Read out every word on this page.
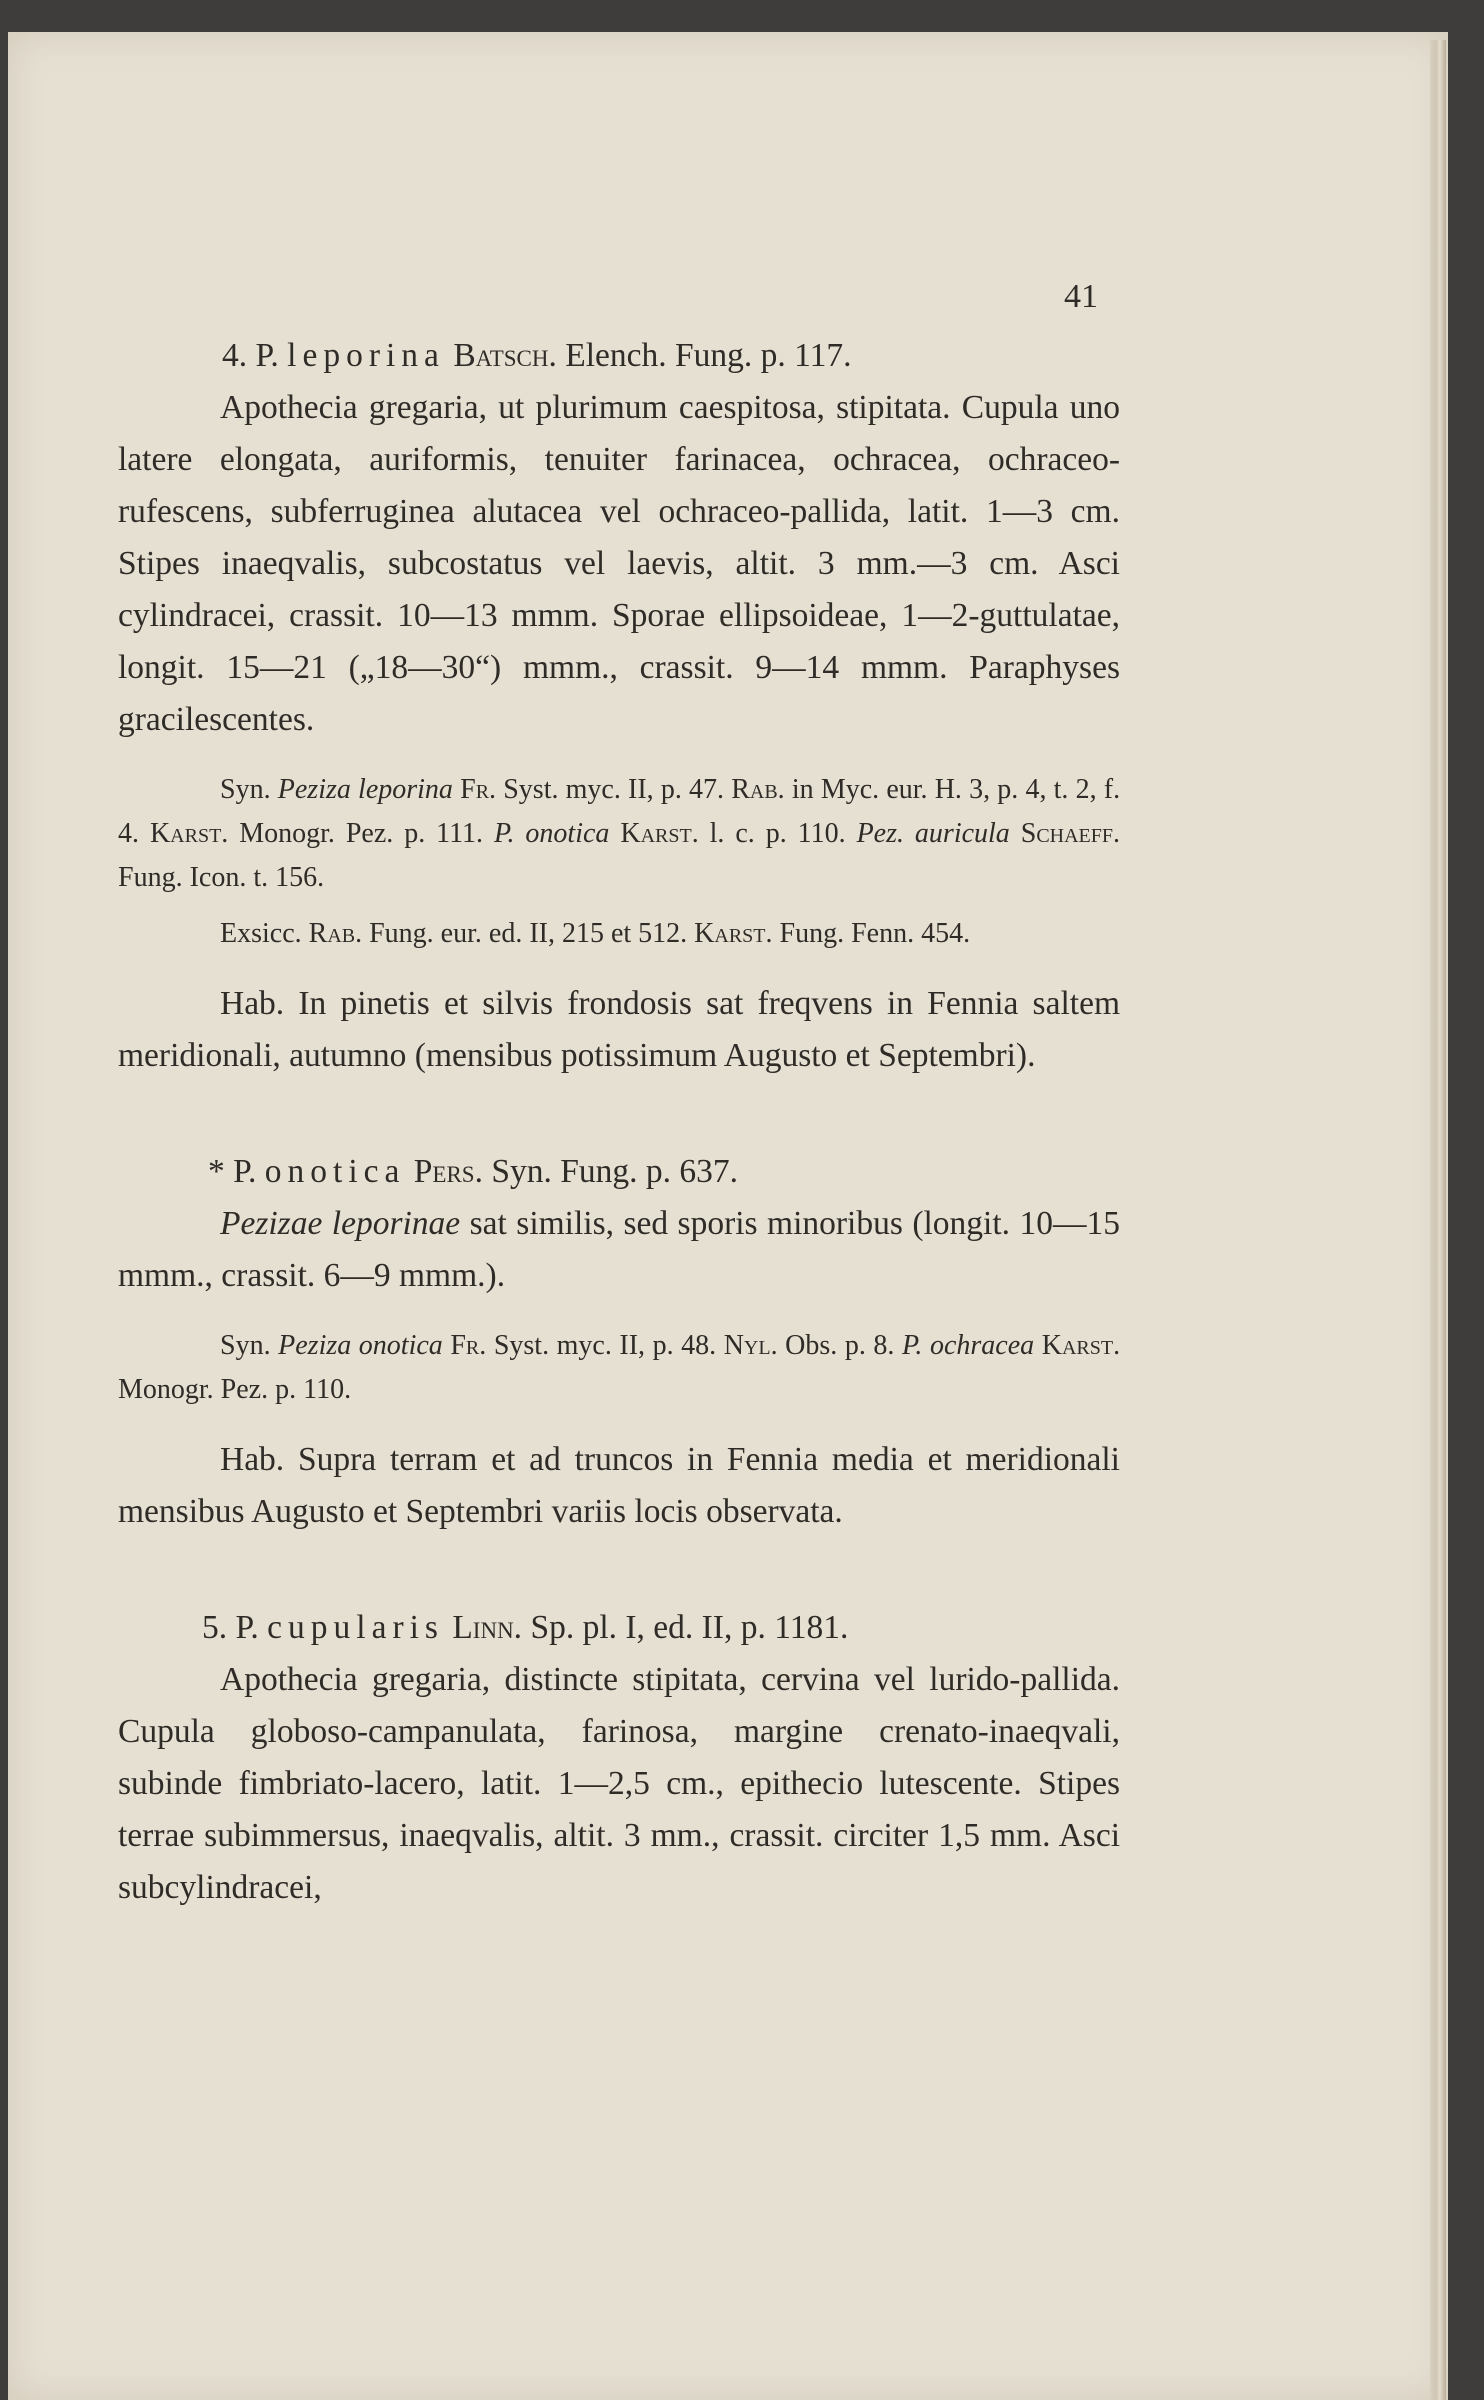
41

4. P. leporina Batsch. Elench. Fung. p. 117.

Apothecia gregaria, ut plurimum caespitosa, stipitata. Cupula uno latere elongata, auriformis, tenuiter farinacea, ochracea, ochraceo-rufescens, subferruginea alutacea vel ochraceo-pallida, latit. 1—3 cm. Stipes inaeqvalis, subcostatus vel laevis, altit. 3 mm.—3 cm. Asci cylindracei, crassit. 10—13 mmm. Sporae ellipsoideae, 1—2-guttulatae, longit. 15—21 („18—30“) mmm., crassit. 9—14 mmm. Paraphyses gracilescentes.

Syn. Peziza leporina Fr. Syst. myc. II, p. 47. Rab. in Myc. eur. H. 3, p. 4, t. 2, f. 4. Karst. Monogr. Pez. p. 111. P. onotica Karst. l. c. p. 110. Pez. auricula Schaeff. Fung. Icon. t. 156.

Exsicc. Rab. Fung. eur. ed. II, 215 et 512. Karst. Fung. Fenn. 454.

Hab. In pinetis et silvis frondosis sat freqvens in Fennia saltem meridionali, autumno (mensibus potissimum Augusto et Septembri).

* P. onotica Pers. Syn. Fung. p. 637.

Pezizae leporinae sat similis, sed sporis minoribus (longit. 10—15 mmm., crassit. 6—9 mmm.).

Syn. Peziza onotica Fr. Syst. myc. II, p. 48. Nyl. Obs. p. 8. P. ochracea Karst. Monogr. Pez. p. 110.

Hab. Supra terram et ad truncos in Fennia media et meridionali mensibus Augusto et Septembri variis locis observata.

5. P. cupularis Linn. Sp. pl. I, ed. II, p. 1181.

Apothecia gregaria, distincte stipitata, cervina vel lurido-pallida. Cupula globoso-campanulata, farinosa, margine crenato-inaeqvali, subinde fimbriato-lacero, latit. 1—2,5 cm., epithecio lutescente. Stipes terrae subimmersus, inaeqvalis, altit. 3 mm., crassit. circiter 1,5 mm. Asci subcylindracei,
